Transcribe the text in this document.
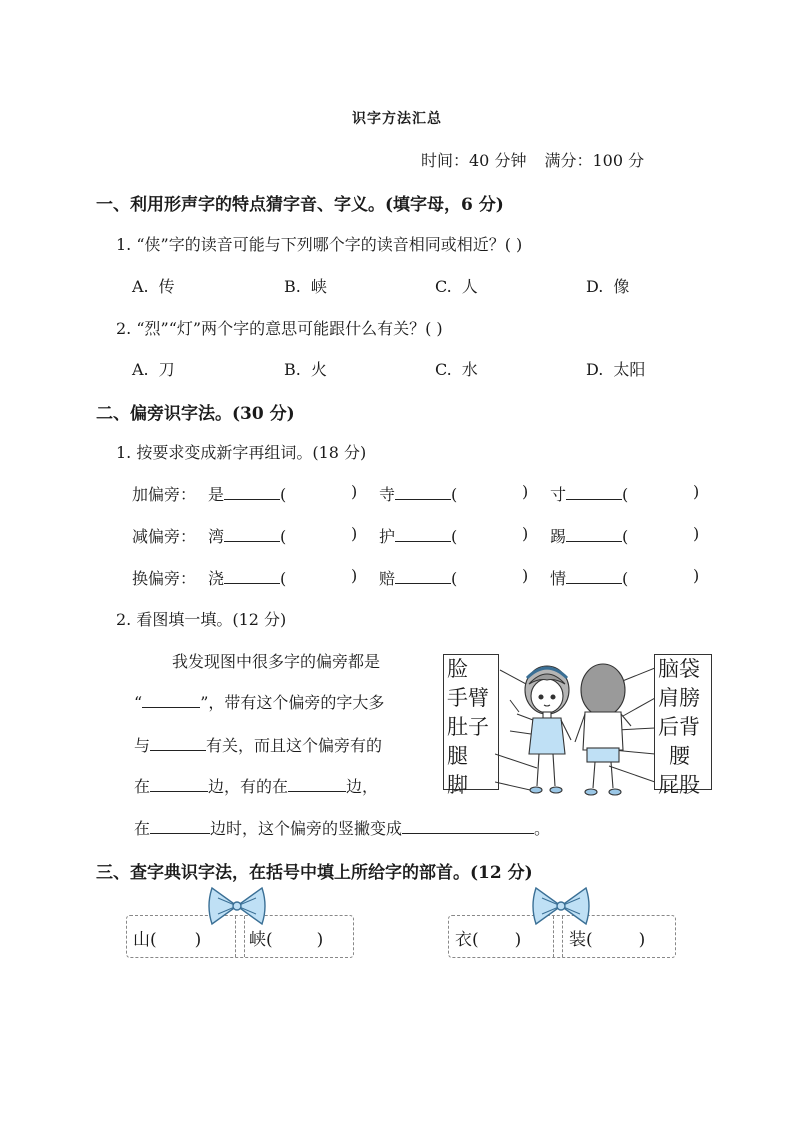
识字方法汇总
时间：40 分钟 满分：100 分
一、利用形声字的特点猜字音、字义。(填字母，6 分)
1. “侠”字的读音可能与下列哪个字的读音相同或相近？( )
A. 传	B. 峡	C. 人	D. 像
2. “烈”“灯”两个字的意思可能跟什么有关？( )
A. 刀	B. 火	C. 水	D. 太阳
二、偏旁识字法。(30 分)
1. 按要求变成新字再组词。(18 分)
加偏旁： 是	(	) 寺	(	) 寸	(	)
减偏旁： 湾	(	) 护	(	) 踢	(	)
换偏旁： 浇	(	) 赔	(	) 情	(	)
2. 看图填一填。(12 分)
我发现图中很多字的偏旁都是
“	”，带有这个偏旁的字大多
与	有关，而且这个偏旁有的
在	边，有的在	边，
在	边时，这个偏旁的竖撇变成	。
脸
手臂
肚子
腿
脚
脑袋
肩膀
后背
腰
屁股
三、查字典识字法，在括号中填上所给字的部首。(12 分)
山( )	峡(	)	衣( )	装(	)
